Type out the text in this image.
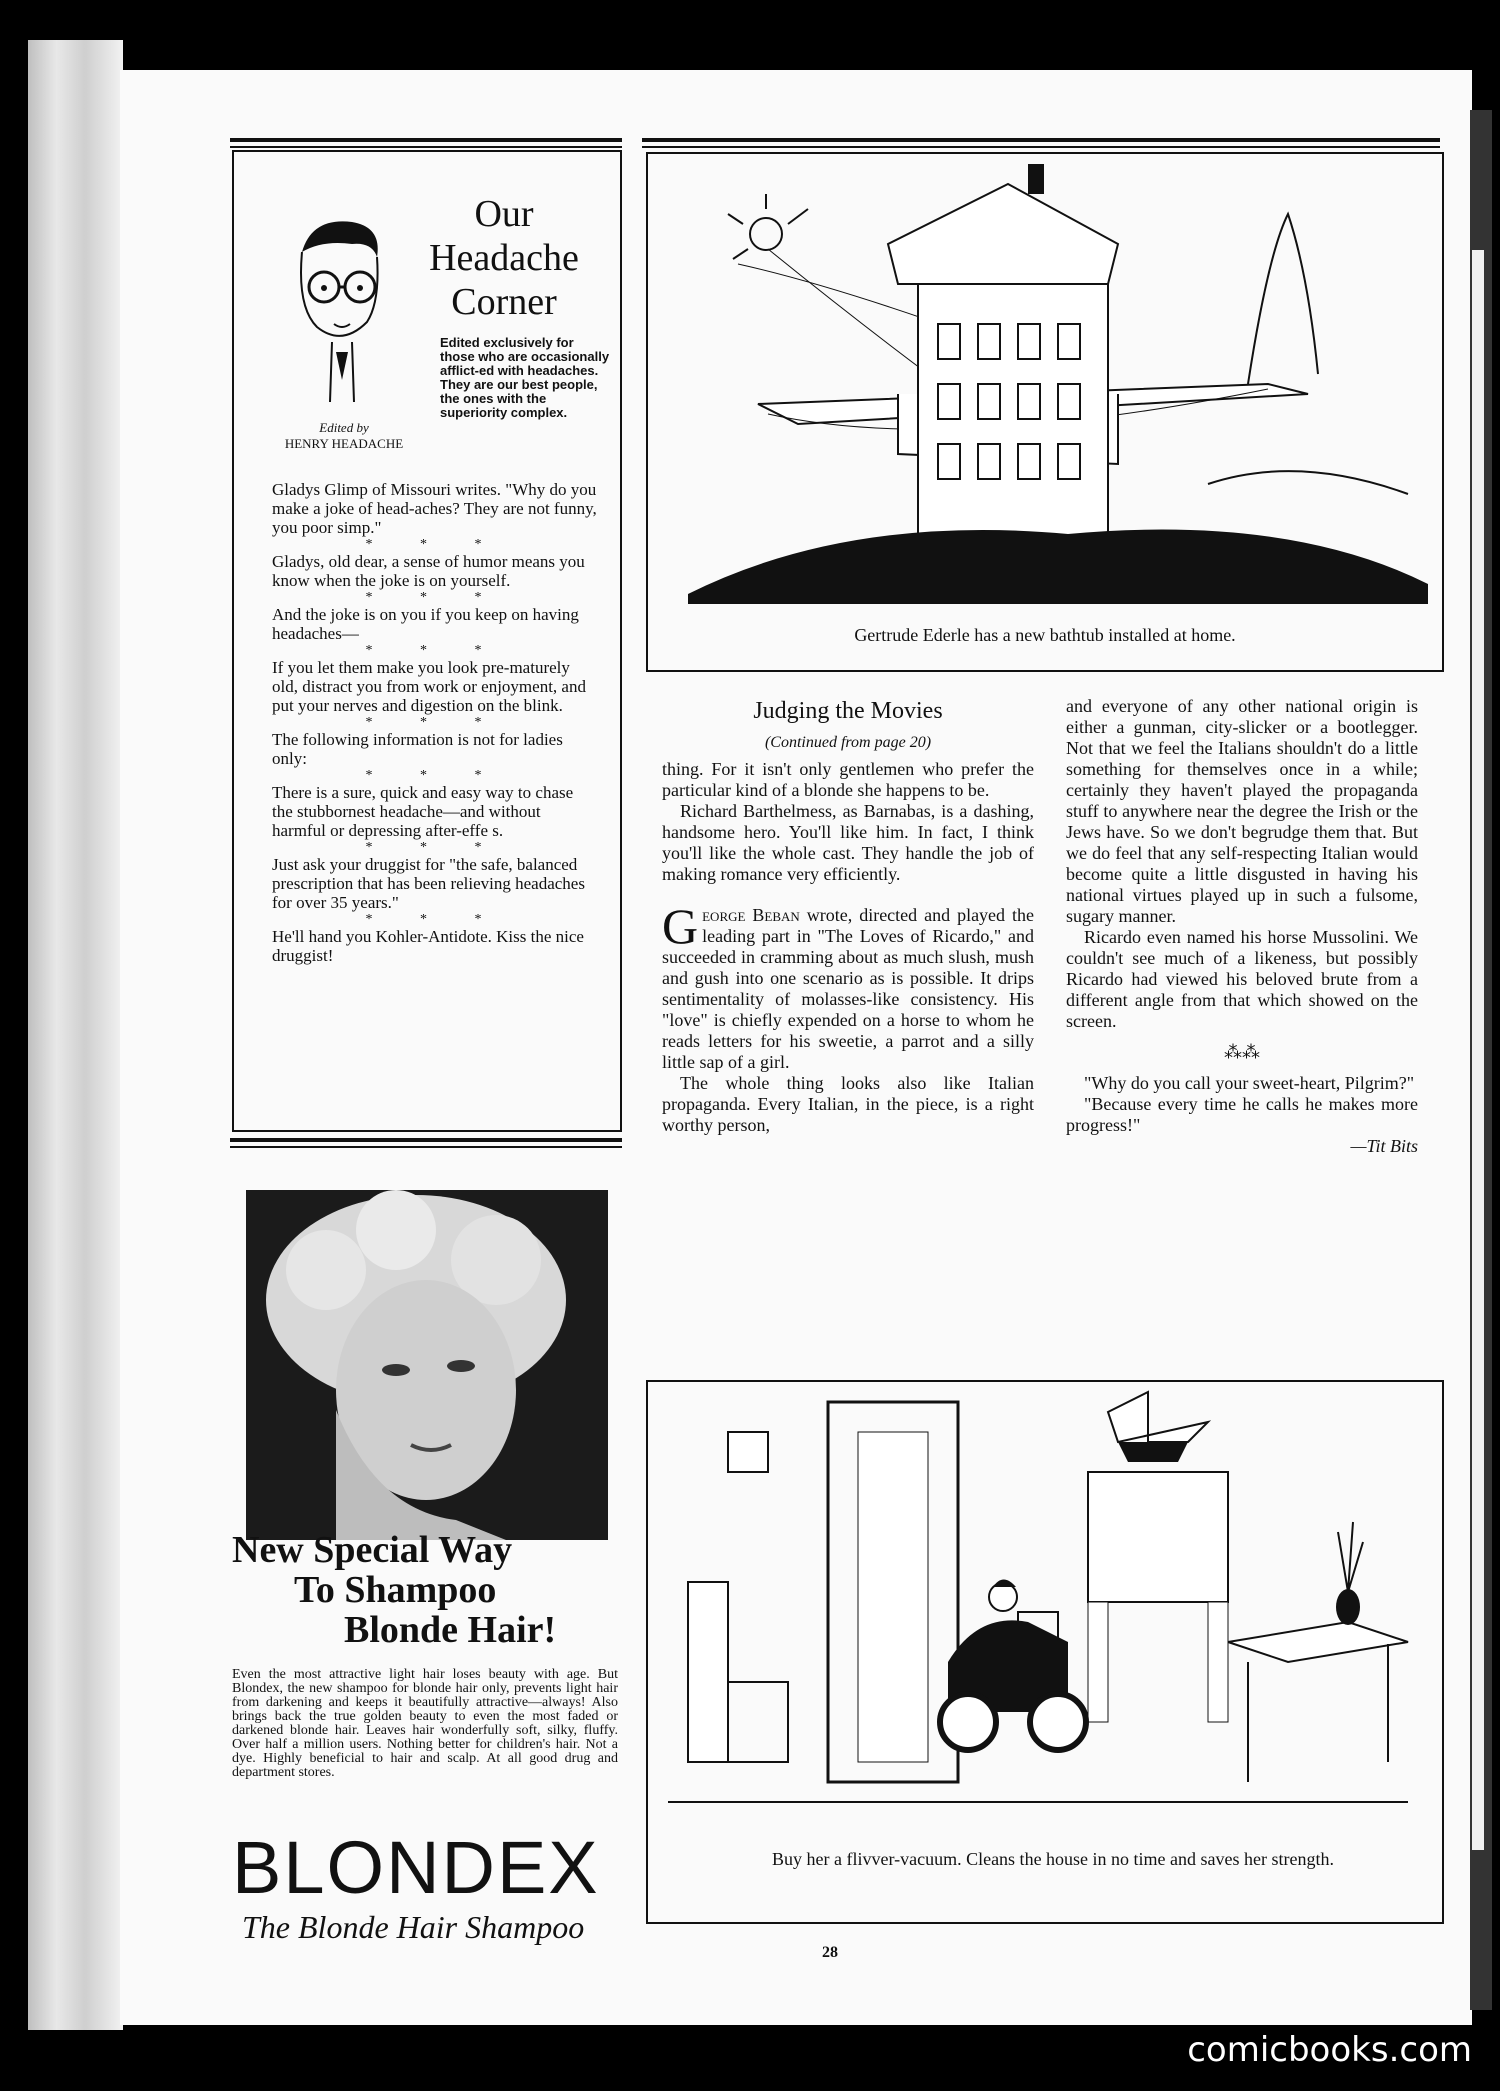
Our
Headache
Corner
Edited exclusively for those who are occasionally afflict-ed with headaches. They are our best people, the ones with the superiority complex.
Edited by
HENRY HEADACHE

Gladys Glimp of Missouri writes. "Why do you make a joke of head-aches? They are not funny, you poor simp."

* * *

Gladys, old dear, a sense of humor means you know when the joke is on yourself.

* * *

And the joke is on you if you keep on having headaches—

* * *

If you let them make you look pre-maturely old, distract you from work or enjoyment, and put your nerves and digestion on the blink.

* * *

The following information is not for ladies only:

* * *

There is a sure, quick and easy way to chase the stubbornest headache—and without harmful or depressing after-effe s.

* * *

Just ask your druggist for "the safe, balanced prescription that has been relieving headaches for over 35 years."

* * *

He'll hand you Kohler-Antidote. Kiss the nice druggist!

New Special Way
To Shampoo
Blonde Hair!
Even the most attractive light hair loses beauty with age. But Blondex, the new shampoo for blonde hair only, prevents light hair from darkening and keeps it beautifully attractive—always! Also brings back the true golden beauty to even the most faded or darkened blonde hair. Leaves hair wonderfully soft, silky, fluffy. Over half a million users. Nothing better for children's hair. Not a dye. Highly beneficial to hair and scalp. At all good drug and department stores.
BLONDEX
The Blonde Hair Shampoo
Gertrude Ederle has a new bathtub installed at home.

Judging the Movies

(Continued from page 20)

thing. For it isn't only gentlemen who prefer the particular kind of a blonde she happens to be.

Richard Barthelmess, as Barnabas, is a dashing, handsome hero. You'll like him. In fact, I think you'll like the whole cast. They handle the job of making romance very efficiently.

George Beban wrote, directed and played the leading part in "The Loves of Ricardo," and succeeded in cramming about as much slush, mush and gush into one scenario as is possible. It drips sentimentality of molasses-like consistency. His "love" is chiefly expended on a horse to whom he reads letters for his sweetie, a parrot and a silly little sap of a girl.

The whole thing looks also like Italian propaganda. Every Italian, in the piece, is a right worthy person,

and everyone of any other national origin is either a gunman, city-slicker or a bootlegger. Not that we feel the Italians shouldn't do a little something for themselves once in a while; certainly they haven't played the propaganda stuff to anywhere near the degree the Irish or the Jews have. So we don't begrudge them that. But we do feel that any self-respecting Italian would become quite a little disgusted in having his national virtues played up in such a fulsome, sugary manner.

Ricardo even named his horse Mussolini. We couldn't see much of a likeness, but possibly Ricardo had viewed his beloved brute from a different angle from that which showed on the screen.

⁂⁂

"Why do you call your sweet-heart, Pilgrim?"

"Because every time he calls he makes more progress!"

—Tit Bits

Buy her a flivver-vacuum. Cleans the house in no time and saves her strength.
28
comicbooks.com
